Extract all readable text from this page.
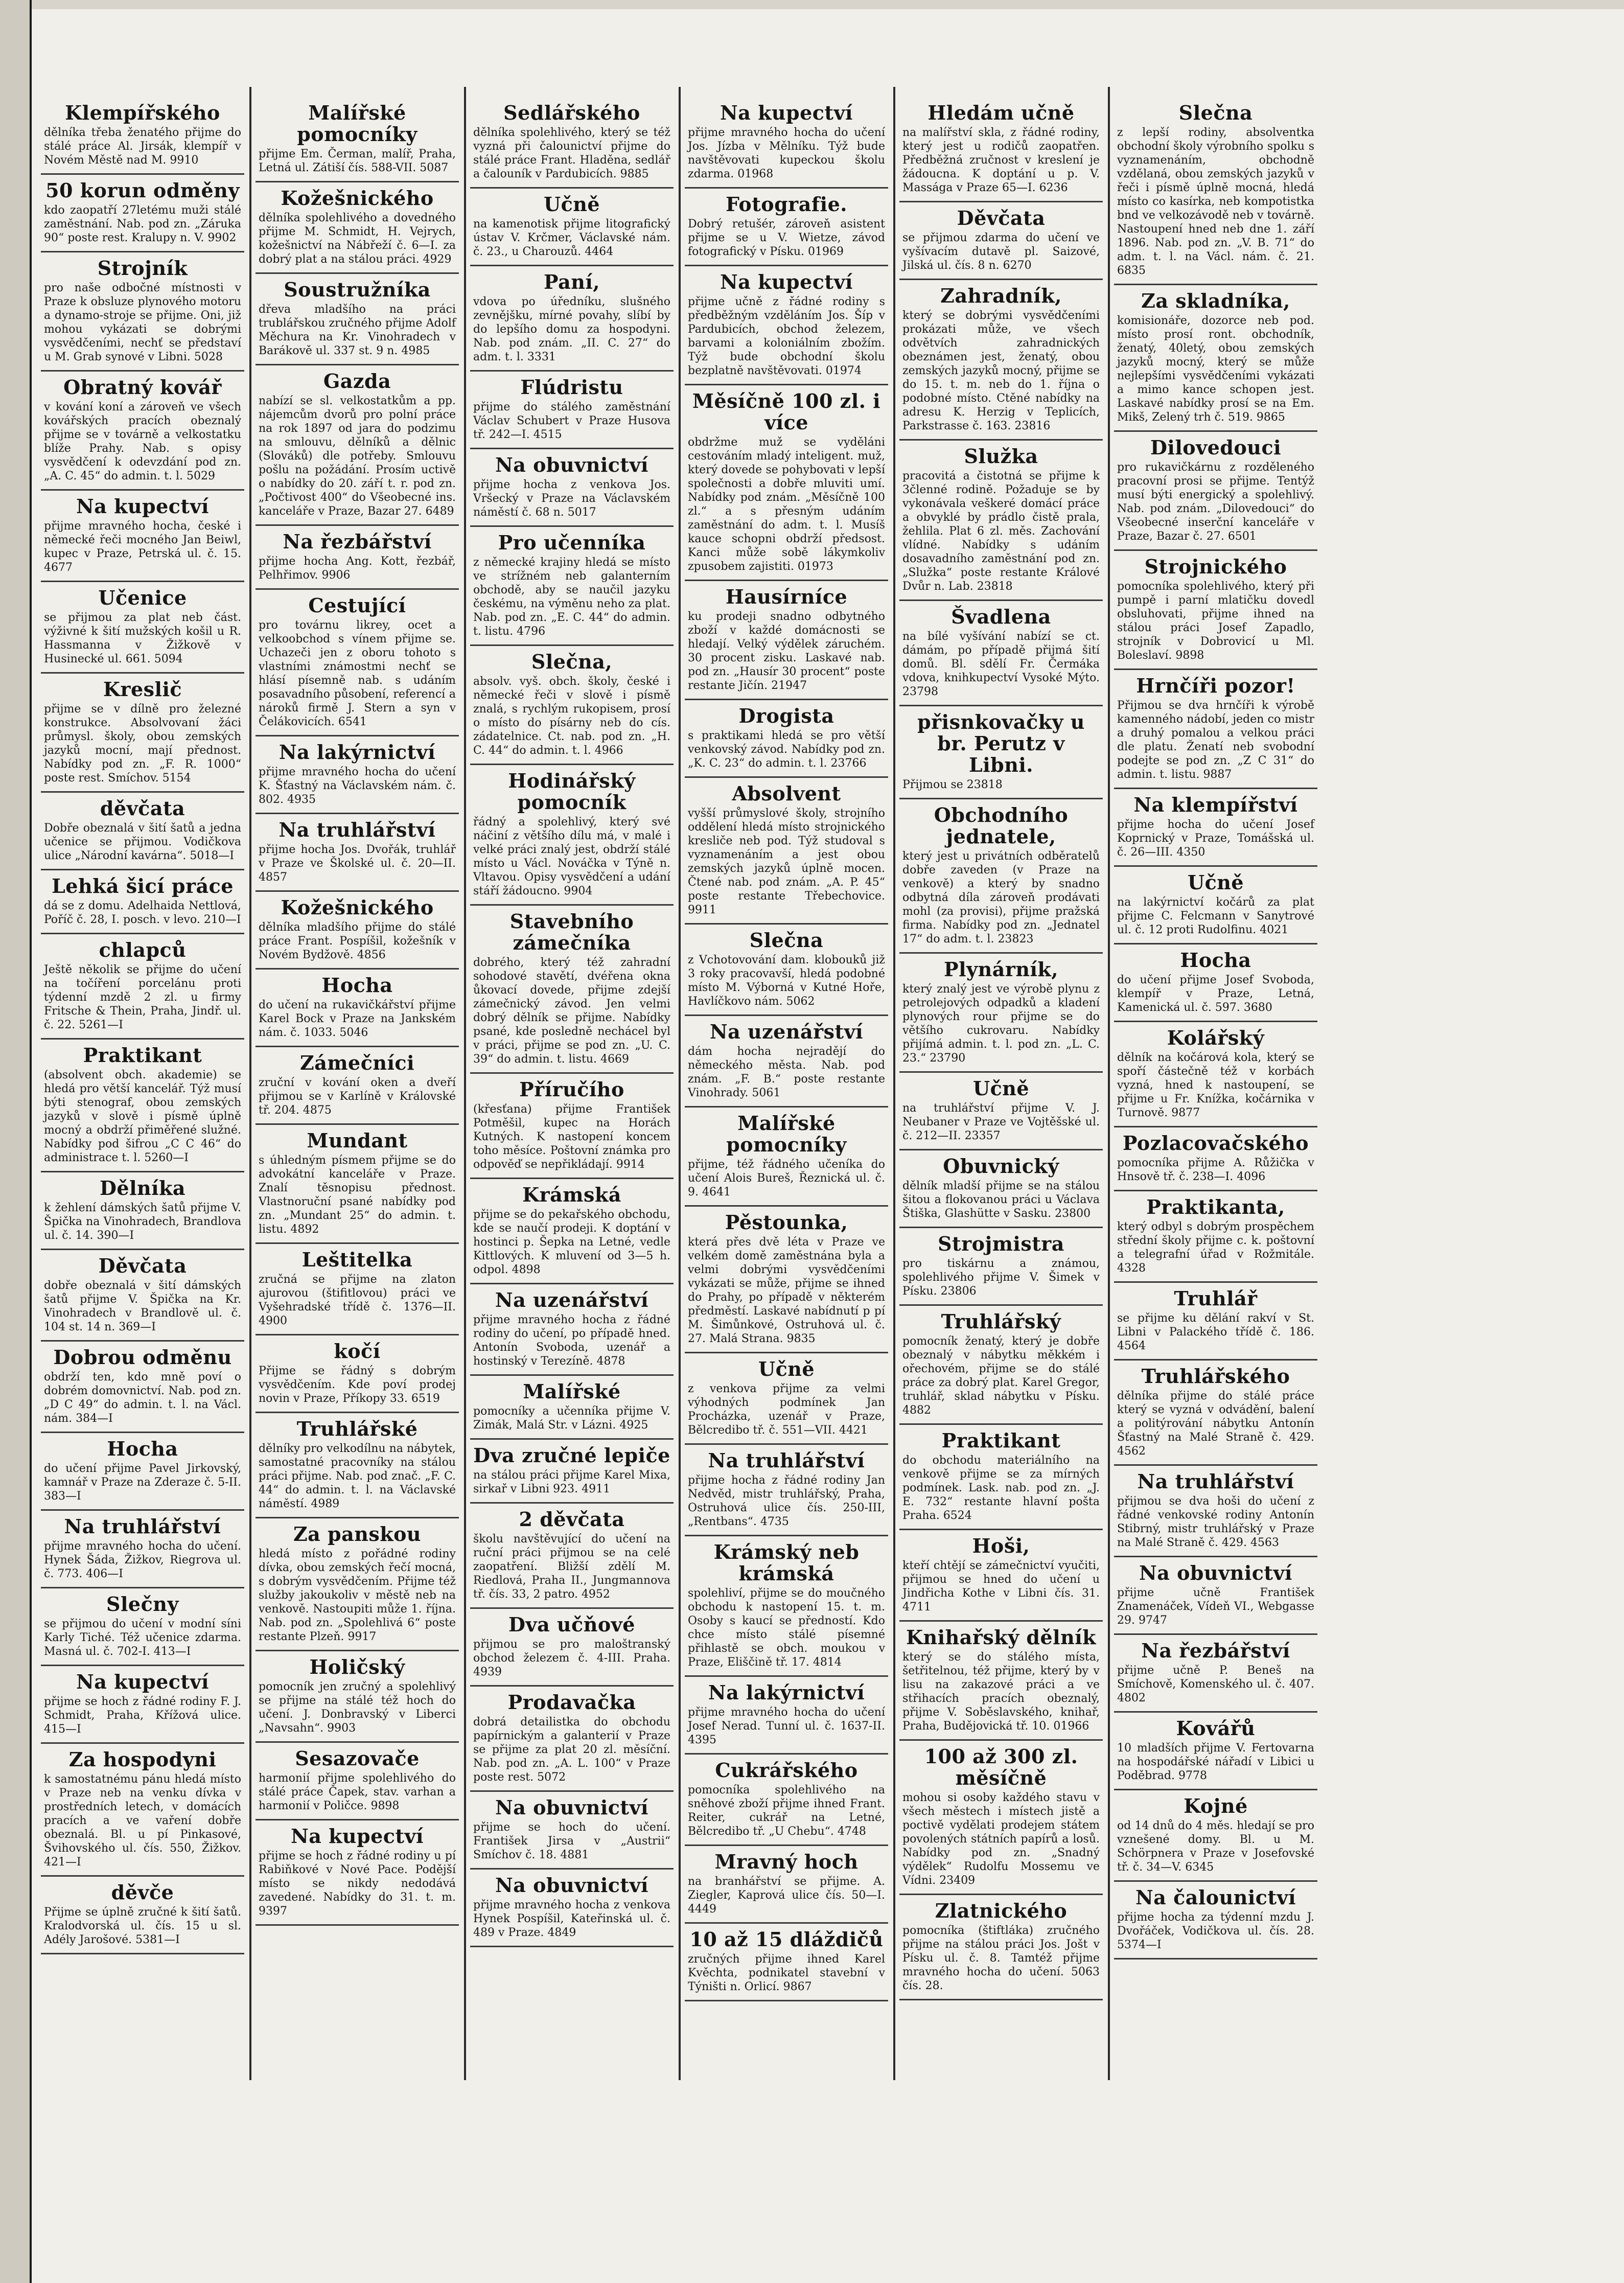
Klempířského
dělníka třeba ženatého přijme do stálé práce Al. Jirsák, klempíř v Novém Městě nad M. 9910
50 korun odměny
kdo zaopatří 27letému muži stálé zaměstnání. Nab. pod zn. „Záruka 90“ poste rest. Kralupy n. V. 9902
Strojník
pro naše odbočné místnosti v Praze k obsluze plynového motoru a dynamo-stroje se přijme. Oni, již mohou vykázati se dobrými vysvědčeními, nechť se představí u M. Grab synové v Libni. 5028
Obratný kovář
v kování koní a zároveň ve všech kovářských pracích obeznalý přijme se v továrně a velkostatku blíže Prahy. Nab. s opisy vysvědčení k odevzdání pod zn. „A. C. 45“ do admin. t. l. 5029
Na kupectví
přijme mravného hocha, české i německé řeči mocného Jan Beiwl, kupec v Praze, Petrská ul. č. 15. 4677
Učenice
se přijmou za plat neb část. výživné k šití mužských košil u R. Hassmanna v Žižkově v Husinecké ul. 661. 5094
Kreslič
přijme se v dílně pro železné konstrukce. Absolvovaní žáci průmysl. školy, obou zemských jazyků mocní, mají přednost. Nabídky pod zn. „F. R. 1000“ poste rest. Smíchov. 5154
děvčata
Dobře obeznalá v šití šatů a jedna učenice se přijmou. Vodičkova ulice „Národní kavárna“. 5018—I
Lehká šicí práce
dá se z domu. Adelhaida Nettlová, Poříč č. 28, I. posch. v levo. 210—I
chlapců
Ještě několik se přijme do učení na točíření porcelánu proti týdenní mzdě 2 zl. u firmy Fritsche & Thein, Praha, Jindř. ul. č. 22. 5261—I
Praktikant
(absolvent obch. akademie) se hledá pro větší kancelář. Týž musí býti stenograf, obou zemských jazyků v slově i písmě úplně mocný a obdrží přiměřené služné. Nabídky pod šifrou „C C 46“ do administrace t. l. 5260—I
Dělníka
k žehlení dámských šatů přijme V. Špička na Vinohradech, Brandlova ul. č. 14. 390—I
Děvčata
dobře obeznalá v šití dámských šatů přijme V. Špička na Kr. Vinohradech v Brandlově ul. č. 104 st. 14 n. 369—I
Dobrou odměnu
obdrží ten, kdo mně poví o dobrém domovnictví. Nab. pod zn. „D C 49“ do admin. t. l. na Václ. nám. 384—I
Hocha
do učení přijme Pavel Jirkovský, kamnář v Praze na Zderaze č. 5-II. 383—I
Na truhlářství
přijme mravného hocha do učení. Hynek Šáda, Žižkov, Riegrova ul. č. 773. 406—I
Slečny
se přijmou do učení v modní síni Karly Tiché. Též učenice zdarma. Masná ul. č. 702-I. 413—I
Na kupectví
přijme se hoch z řádné rodiny F. J. Schmidt, Praha, Křížová ulice. 415—I
Za hospodyni
k samostatnému pánu hledá místo v Praze neb na venku dívka v prostředních letech, v domácích pracích a ve vaření dobře obeznalá. Bl. u pí Pinkasové, Švihovského ul. čís. 550, Žižkov. 421—I
děvče
Přijme se úplně zručné k šití šatů. Kralodvorská ul. čís. 15 u sl. Adély Jarošové. 5381—I
Malířské pomocníky
přijme Em. Čerman, malíř, Praha, Letná ul. Zátiší čís. 588-VII. 5087
Kožešnického
dělníka spolehlivého a dovedného přijme M. Schmidt, H. Vejrych, kožešnictví na Nábřeží č. 6—I. za dobrý plat a na stálou práci. 4929
Soustružníka
dřeva mladšího na práci trublářskou zručného přijme Adolf Měchura na Kr. Vinohradech v Barákově ul. 337 st. 9 n. 4985
Gazda
nabízí se sl. velkostatkům a pp. nájemcům dvorů pro polní práce na rok 1897 od jara do podzimu na smlouvu, dělníků a dělnic (Slováků) dle potřeby. Smlouvu pošlu na požádání. Prosím uctivě o nabídky do 20. září t. r. pod zn. „Počtivost 400“ do Všeobecné ins. kanceláře v Praze, Bazar 27. 6489
Na řezbářství
přijme hocha Ang. Kott, řezbář, Pelhřimov. 9906
Cestující
pro továrnu likrey, ocet a velkoobchod s vínem přijme se. Uchazeči jen z oboru tohoto s vlastními známostmi nechť se hlásí písemně nab. s udáním posavadního působení, referencí a nároků firmě J. Stern a syn v Čelákovicích. 6541
Na lakýrnictví
přijme mravného hocha do učení K. Šťastný na Václavském nám. č. 802. 4935
Na truhlářství
přijme hocha Jos. Dvořák, truhlář v Praze ve Školské ul. č. 20—II. 4857
Kožešnického
dělníka mladšího přijme do stálé práce Frant. Pospíšil, kožešník v Novém Bydžově. 4856
Hocha
do učení na rukavičkářství přijme Karel Bock v Praze na Jankském nám. č. 1033. 5046
Zámečníci
zruční v kování oken a dveří přijmou se v Karlíně v Královské tř. 204. 4875
Mundant
s úhledným písmem přijme se do advokátní kanceláře v Praze. Znalí těsnopisu přednost. Vlastnoruční psané nabídky pod zn. „Mundant 25“ do admin. t. listu. 4892
Leštitelka
zručná se přijme na zlaton ajurovou (štifitlovou) práci ve Vyšehradské třídě č. 1376—II. 4900
kočí
Přijme se řádný s dobrým vysvědčením. Kde poví prodej novin v Praze, Příkopy 33. 6519
Truhlářské
dělníky pro velkodílnu na nábytek, samostatné pracovníky na stálou práci přijme. Nab. pod znač. „F. C. 44“ do admin. t. l. na Václavské náměstí. 4989
Za panskou
hledá místo z pořádné rodiny dívka, obou zemských řečí mocná, s dobrým vysvědčením. Přijme též služby jakoukoliv v městě neb na venkově. Nastoupiti může 1. října. Nab. pod zn. „Spolehlivá 6“ poste restante Plzeň. 9917
Holičský
pomocník jen zručný a spolehlivý se přijme na stálé též hoch do učení. J. Donbravský v Liberci „Navsahn“. 9903
Sesazovače
harmonií přijme spolehlivého do stálé práce Čapek, stav. varhan a harmonií v Poličce. 9898
Na kupectví
přijme se hoch z řádné rodiny u pí Rabiňkové v Nové Pace. Podější místo se nikdy nedodává zavedené. Nabídky do 31. t. m. 9397
Sedlářského
dělníka spolehlivého, který se též vyzná při čalounictví přijme do stálé práce Frant. Hladěna, sedlář a čalouník v Pardubicích. 9885
Učně
na kamenotisk přijme litografický ústav V. Krčmer, Václavské nám. č. 23., u Charouzů. 4464
Paní,
vdova po úředníku, slušného zevnějšku, mírné povahy, slíbí by do lepšího domu za hospodyni. Nab. pod znám. „II. C. 27“ do adm. t. l. 3331
Flúdristu
přijme do stálého zaměstnání Václav Schubert v Praze Husova tř. 242—I. 4515
Na obuvnictví
přijme hocha z venkova Jos. Vršecký v Praze na Václavském náměstí č. 68 n. 5017
Pro učenníka
z německé krajiny hledá se místo ve strížném neb galanterním obchodě, aby se naučil jazyku českému, na výměnu neho za plat. Nab. pod zn. „E. C. 44“ do admin. t. listu. 4796
Slečna,
absolv. vyš. obch. školy, české i německé řeči v slově i písmě znalá, s rychlým rukopisem, prosí o místo do písárny neb do cís. zádatelnice. Ct. nab. pod zn. „H. C. 44“ do admin. t. l. 4966
Hodinářský pomocník
řádný a spolehlivý, který své náčiní z většího dílu má, v malé i velké práci znalý jest, obdrží stálé místo u Václ. Nováčka v Týně n. Vltavou. Opisy vysvědčení a udání stáří žádoucno. 9904
Stavebního zámečníka
dobrého, který též zahradní sohodové stavětí, dvéřena okna ůkovací dovede, přijme zdejší zámečnický závod. Jen velmi dobrý dělník se přijme. Nabídky psané, kde posledně nechácel byl v práci, přijme se pod zn. „U. C. 39“ do admin. t. listu. 4669
Příručího
(křesťana) přijme František Potměšil, kupec na Horách Kutných. K nastopení koncem toho měsíce. Poštovní známka pro odpověď se nepřikládají. 9914
Krámská
přijme se do pekařského obchodu, kde se naučí prodeji. K doptání v hostinci p. Šepka na Letné, vedle Kittlových. K mluvení od 3—5 h. odpol. 4898
Na uzenářství
přijme mravného hocha z řádné rodiny do učení, po případě hned. Antonín Svoboda, uzenář a hostinský v Terezíně. 4878
Malířské
pomocníky a učenníka přijme V. Zimák, Malá Str. v Lázni. 4925
Dva zručné lepiče
na stálou práci přijme Karel Mixa, sirkař v Libni 923. 4911
2 děvčata
školu navštěvující do učení na ruční práci přijmou se na celé zaopatření. Bližší zdělí M. Riedlová, Praha II., Jungmannova tř. čís. 33, 2 patro. 4952
Dva učňové
přijmou se pro maloštranský obchod železem č. 4-III. Praha. 4939
Prodavačka
dobrá detailistka do obchodu papírnickým a galanterií v Praze se přijme za plat 20 zl. měsíční. Nab. pod zn. „A. L. 100“ v Praze poste rest. 5072
Na obuvnictví
přijme se hoch do učení. František Jirsa v „Austrii“ Smíchov č. 18. 4881
Na obuvnictví
přijme mravného hocha z venkova Hynek Pospíšil, Kateřinská ul. č. 489 v Praze. 4849
Na kupectví
přijme mravného hocha do učení Jos. Jízba v Mělníku. Týž bude navštěvovati kupeckou školu zdarma. 01968
Fotografie.
Dobrý retušér, zároveň asistent přijme se u V. Wietze, závod fotografický v Písku. 01969
Na kupectví
přijme učně z řádné rodiny s předběžným vzděláním Jos. Šíp v Pardubicích, obchod železem, barvami a koloniálním zbožím. Týž bude obchodní školu bezplatně navštěvovati. 01974
Měsíčně 100 zl. i více
obdržme muž se vyděláni cestováním mladý inteligent. muž, který dovede se pohybovati v lepší společnosti a dobře mluviti umí. Nabídky pod znám. „Měsíčně 100 zl.“ a s přesným udáním zaměstnání do adm. t. l. Musíš kauce schopni obdrží předsost. Kanci může sobě lákymkoliv zpusobem zajistiti. 01973
Hausírníce
ku prodeji snadno odbytného zboží v každé domácnosti se hledají. Velký výdělek záruchém. 30 procent zisku. Laskavé nab. pod zn. „Hausír 30 procent“ poste restante Jičín. 21947
Drogista
s praktikami hledá se pro větší venkovský závod. Nabídky pod zn. „K. C. 23“ do admin. t. l. 23766
Absolvent
vyšší průmyslové školy, strojního oddělení hledá místo strojnického kresliče neb pod. Týž studoval s vyznamenáním a jest obou zemských jazyků úplně mocen. Čtené nab. pod znám. „A. P. 45“ poste restante Třebechovice. 9911
Slečna
z Vchotovování dam. klobouků již 3 roky pracovavší, hledá podobné místo M. Výborná v Kutné Hoře, Havlíčkovo nám. 5062
Na uzenářství
dám hocha nejradějí do německého města. Nab. pod znám. „F. B.“ poste restante Vinohrady. 5061
Malířské pomocníky
přijme, též řádného učeníka do učení Alois Bureš, Řeznická ul. č. 9. 4641
Pěstounka,
která přes dvě léta v Praze ve velkém domě zaměstnána byla a velmi dobrými vysvědčeními vykázati se může, přijme se ihned do Prahy, po případě v některém předměstí. Laskavé nabídnutí p pí M. Šimůnkové, Ostruhová ul. č. 27. Malá Strana. 9835
Učně
z venkova přijme za velmi výhodných podmínek Jan Procházka, uzenář v Praze, Bělcredibo tř. č. 551—VII. 4421
Na truhlářství
přijme hocha z řádné rodiny Jan Nedvěd, mistr truhlářský, Praha, Ostruhová ulice čís. 250-III, „Rentbans“. 4735
Krámský neb krámská
spolehliví, přijme se do moučného obchodu k nastopení 15. t. m. Osoby s kaucí se předností. Kdo chce místo stálé písemné přihlastě se obch. moukou v Praze, Eliščině tř. 17. 4814
Na lakýrnictví
přijme mravného hocha do učení Josef Nerad. Tunní ul. č. 1637-II. 4395
Cukrářského
pomocníka spolehlivého na sněhové zboží přijme ihned Frant. Reiter, cukrář na Letné, Bělcredibo tř. „U Chebu“. 4748
Mravný hoch
na branhářství se přijme. A. Ziegler, Kaprová ulice čís. 50—I. 4449
10 až 15 dláždičů
zručných přijme ihned Karel Kvěchta, podnikatel stavební v Týništi n. Orlicí. 9867
Hledám učně
na malířství skla, z řádné rodiny, který jest u rodičů zaopatřen. Předběžná zručnost v kreslení je žádoucna. K doptání u p. V. Massága v Praze 65—I. 6236
Děvčata
se přijmou zdarma do učení ve vyšívacím dutavě pl. Saizové, Jilská ul. čís. 8 n. 6270
Zahradník,
který se dobrými vysvědčeními prokázati může, ve všech odvětvích zahradnických obeznámen jest, ženatý, obou zemských jazyků mocný, přijme se do 15. t. m. neb do 1. října o podobné místo. Ctěné nabídky na adresu K. Herzig v Teplicích, Parkstrasse č. 163. 23816
Služka
pracovitá a čistotná se přijme k 3členné rodině. Požaduje se by vykonávala veškeré domácí práce a obvyklé by prádlo čistě prala, žehlila. Plat 6 zl. měs. Zachování vlídné. Nabídky s udáním dosavadního zaměstnání pod zn. „Služka“ poste restante Králové Dvůr n. Lab. 23818
Švadlena
na bílé vyšívání nabízí se ct. dámám, po případě přijmá šití domů. Bl. sdělí Fr. Čermáka vdova, knihkupectví Vysoké Mýto. 23798
přisnkovačky u br. Perutz v Libni.
Přijmou se 23818
Obchodního jednatele,
který jest u privátních odběratelů dobře zaveden (v Praze na venkově) a který by snadno odbytná díla zároveň prodávati mohl (za provisi), přijme pražská firma. Nabídky pod zn. „Jednatel 17“ do adm. t. l. 23823
Plynárník,
který znalý jest ve výrobě plynu z petrolejových odpadků a kladení plynových rour přijme se do většího cukrovaru. Nabídky přijímá admin. t. l. pod zn. „L. C. 23.“ 23790
Učně
na truhlářství přijme V. J. Neubaner v Praze ve Vojtěšské ul. č. 212—II. 23357
Obuvnický
dělník mladší přijme se na stálou šitou a flokovanou práci u Václava Štiška, Glashütte v Sasku. 23800
Strojmistra
pro tiskárnu a známou, spolehlivého přijme V. Šimek v Písku. 23806
Truhlářský
pomocník ženatý, který je dobře obeznalý v nábytku měkkém i ořechovém, přijme se do stálé práce za dobrý plat. Karel Gregor, truhlář, sklad nábytku v Písku. 4882
Praktikant
do obchodu materiálního na venkově přijme se za mírných podmínek. Lask. nab. pod zn. „J. E. 732“ restante hlavní pošta Praha. 6524
Hoši,
kteří chtějí se zámečnictví vyučiti, přijmou se hned do učení u Jindřicha Kothe v Libni čís. 31. 4711
Knihařský dělník
který se do stálého místa, šetřitelnou, též přijme, který by v lisu na zakazové práci a ve střihacích pracích obeznalý, přijme V. Soběslavského, knihař, Praha, Budějovická tř. 10. 01966
100 až 300 zl. měsíčně
mohou si osoby každého stavu v všech městech i místech jistě a poctivě vydělati prodejem státem povolených státních papírů a losů. Nabídky pod zn. „Snadný výdělek“ Rudolfu Mossemu ve Vídni. 23409
Zlatnického
pomocníka (štiftláka) zručného přijme na stálou práci Jos. Jošt v Písku ul. č. 8. Tamtéž přijme mravného hocha do učení. 5063 čís. 28.
Slečna
z lepší rodiny, absolventka obchodní školy výrobního spolku s vyznamenáním, obchodně vzdělaná, obou zemských jazyků v řeči i písmě úplně mocná, hledá místo co kasírka, neb kompotistka bnd ve velkozávodě neb v továrně. Nastoupení hned neb dne 1. září 1896. Nab. pod zn. „V. B. 71“ do adm. t. l. na Václ. nám. č. 21. 6835
Za skladníka,
komisionáře, dozorce neb pod. místo prosí ront. obchodník, ženatý, 40letý, obou zemských jazyků mocný, který se může nejlepšími vysvědčeními vykázati a mimo kance schopen jest. Laskavé nabídky prosí se na Em. Mikš, Zelený trh č. 519. 9865
Dilovedouci
pro rukavičkárnu z rozděleného pracovní prosi se přijme. Tentýž musí býti energický a spolehlivý. Nab. pod znám. „Dilovedouci“ do Všeobecné inserční kanceláře v Praze, Bazar č. 27. 6501
Strojnického
pomocníka spolehlivého, který při pumpě i parní mlatičku dovedl obsluhovati, přijme ihned na stálou práci Josef Zapadlo, strojník v Dobrovicí u Ml. Boleslaví. 9898
Hrnčíři pozor!
Přijmou se dva hrnčíři k výrobě kamenného nádobí, jeden co mistr a druhý pomalou a velkou práci dle platu. Ženatí neb svobodní podejte se pod zn. „Z C 31“ do admin. t. listu. 9887
Na klempířství
přijme hocha do učení Josef Koprnický v Praze, Tomášská ul. č. 26—III. 4350
Učně
na lakýrnictví kočárů za plat přijme C. Felcmann v Sanytrové ul. č. 12 proti Rudolfinu. 4021
Hocha
do učení přijme Josef Svoboda, klempíř v Praze, Letná, Kamenická ul. č. 597. 3680
Kolářský
dělník na kočárová kola, který se spoří částečně též v korbách vyzná, hned k nastoupení, se přijme u Fr. Knížka, kočárnika v Turnově. 9877
Pozlacovačského
pomocníka přijme A. Růžička v Hnsově tř. č. 238—I. 4096
Praktikanta,
který odbyl s dobrým prospěchem střední školy přijme c. k. poštovní a telegrafní úřad v Rožmitále. 4328
Truhlář
se přijme ku dělání rakví v St. Libni v Palackého třídě č. 186. 4564
Truhlářského
dělníka přijme do stálé práce který se vyzná v odvádění, balení a politýrování nábytku Antonín Šťastný na Malé Straně č. 429. 4562
Na truhlářství
přijmou se dva hoši do učení z řádné venkovské rodiny Antonín Stibrný, mistr truhlářský v Praze na Malé Straně č. 429. 4563
Na obuvnictví
přijme učně František Znamenáček, Vídeň VI., Webgasse 29. 9747
Na řezbářství
přijme učně P. Beneš na Smíchově, Komenského ul. č. 407. 4802
Kovářů
10 mladších přijme V. Fertovarna na hospodářské nářadí v Libici u Poděbrad. 9778
Kojné
od 14 dnů do 4 měs. hledají se pro vznešené domy. Bl. u M. Schörpnera v Praze v Josefovské tř. č. 34—V. 6345
Na čalounictví
přijme hocha za týdenní mzdu J. Dvořáček, Vodičkova ul. čís. 28. 5374—I
